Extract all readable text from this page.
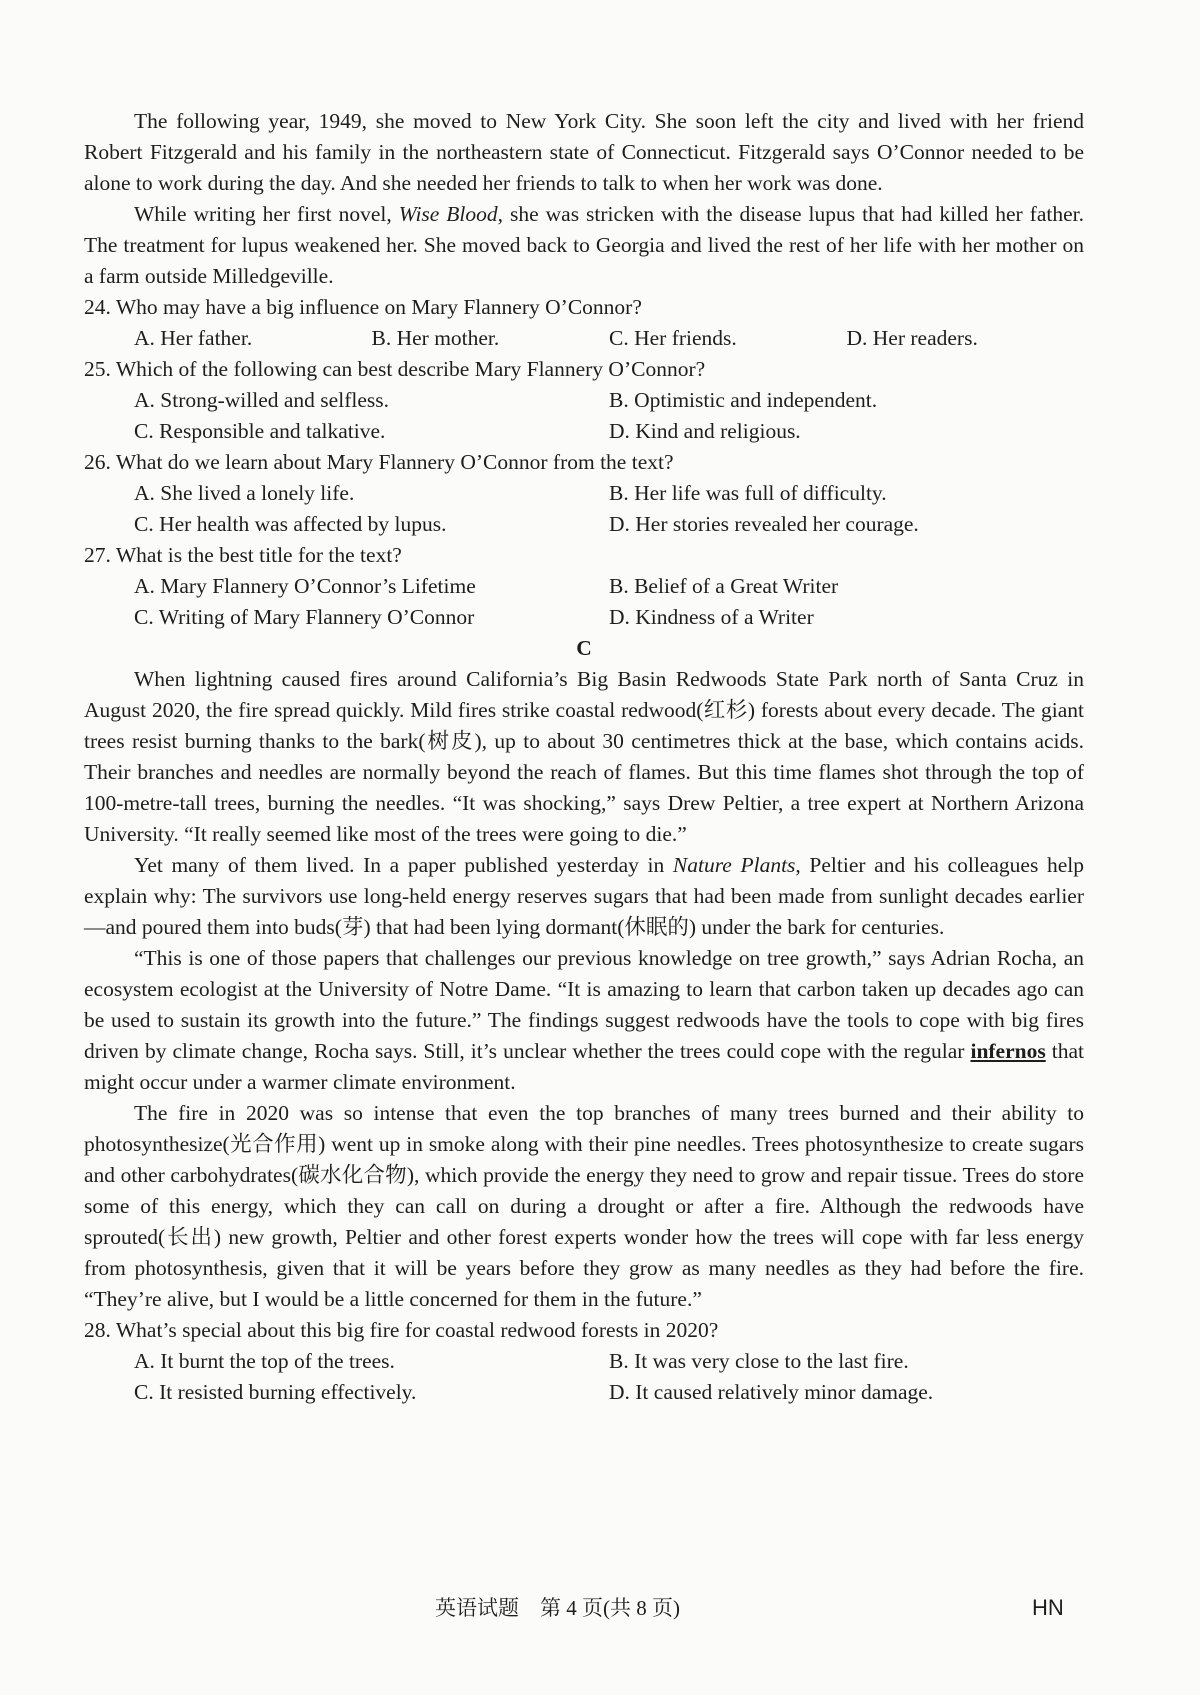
The following year, 1949, she moved to New York City. She soon left the city and lived with her friend Robert Fitzgerald and his family in the northeastern state of Connecticut. Fitzgerald says O’Connor needed to be alone to work during the day. And she needed her friends to talk to when her work was done.

While writing her first novel, Wise Blood, she was stricken with the disease lupus that had killed her father. The treatment for lupus weakened her. She moved back to Georgia and lived the rest of her life with her mother on a farm outside Milledgeville.

24. Who may have a big influence on Mary Flannery O’Connor?

A. Her father.	B. Her mother.	C. Her friends.	D. Her readers.

25. Which of the following can best describe Mary Flannery O’Connor?

A. Strong-willed and selfless.	B. Optimistic and independent.
C. Responsible and talkative.	D. Kind and religious.

26. What do we learn about Mary Flannery O’Connor from the text?

A. She lived a lonely life.	B. Her life was full of difficulty.
C. Her health was affected by lupus.	D. Her stories revealed her courage.

27. What is the best title for the text?

A. Mary Flannery O’Connor’s Lifetime	B. Belief of a Great Writer
C. Writing of Mary Flannery O’Connor	D. Kindness of a Writer

C

When lightning caused fires around California’s Big Basin Redwoods State Park north of Santa Cruz in August 2020, the fire spread quickly. Mild fires strike coastal redwood(红杉) forests about every decade. The giant trees resist burning thanks to the bark(树皮), up to about 30 centimetres thick at the base, which contains acids. Their branches and needles are normally beyond the reach of flames. But this time flames shot through the top of 100-metre-tall trees, burning the needles. “It was shocking,” says Drew Peltier, a tree expert at Northern Arizona University. “It really seemed like most of the trees were going to die.”

Yet many of them lived. In a paper published yesterday in Nature Plants, Peltier and his colleagues help explain why: The survivors use long-held energy reserves sugars that had been made from sunlight decades earlier—and poured them into buds(芽) that had been lying dormant(休眠的) under the bark for centuries.

“This is one of those papers that challenges our previous knowledge on tree growth,” says Adrian Rocha, an ecosystem ecologist at the University of Notre Dame. “It is amazing to learn that carbon taken up decades ago can be used to sustain its growth into the future.” The findings suggest redwoods have the tools to cope with big fires driven by climate change, Rocha says. Still, it’s unclear whether the trees could cope with the regular infernos that might occur under a warmer climate environment.

The fire in 2020 was so intense that even the top branches of many trees burned and their ability to photosynthesize(光合作用) went up in smoke along with their pine needles. Trees photosynthesize to create sugars and other carbohydrates(碳水化合物), which provide the energy they need to grow and repair tissue. Trees do store some of this energy, which they can call on during a drought or after a fire. Although the redwoods have sprouted(长出) new growth, Peltier and other forest experts wonder how the trees will cope with far less energy from photosynthesis, given that it will be years before they grow as many needles as they had before the fire. “They’re alive, but I would be a little concerned for them in the future.”

28. What’s special about this big fire for coastal redwood forests in 2020?

A. It burnt the top of the trees.	B. It was very close to the last fire.
C. It resisted burning effectively.	D. It caused relatively minor damage.
英语试题　第 4 页(共 8 页)	HN
